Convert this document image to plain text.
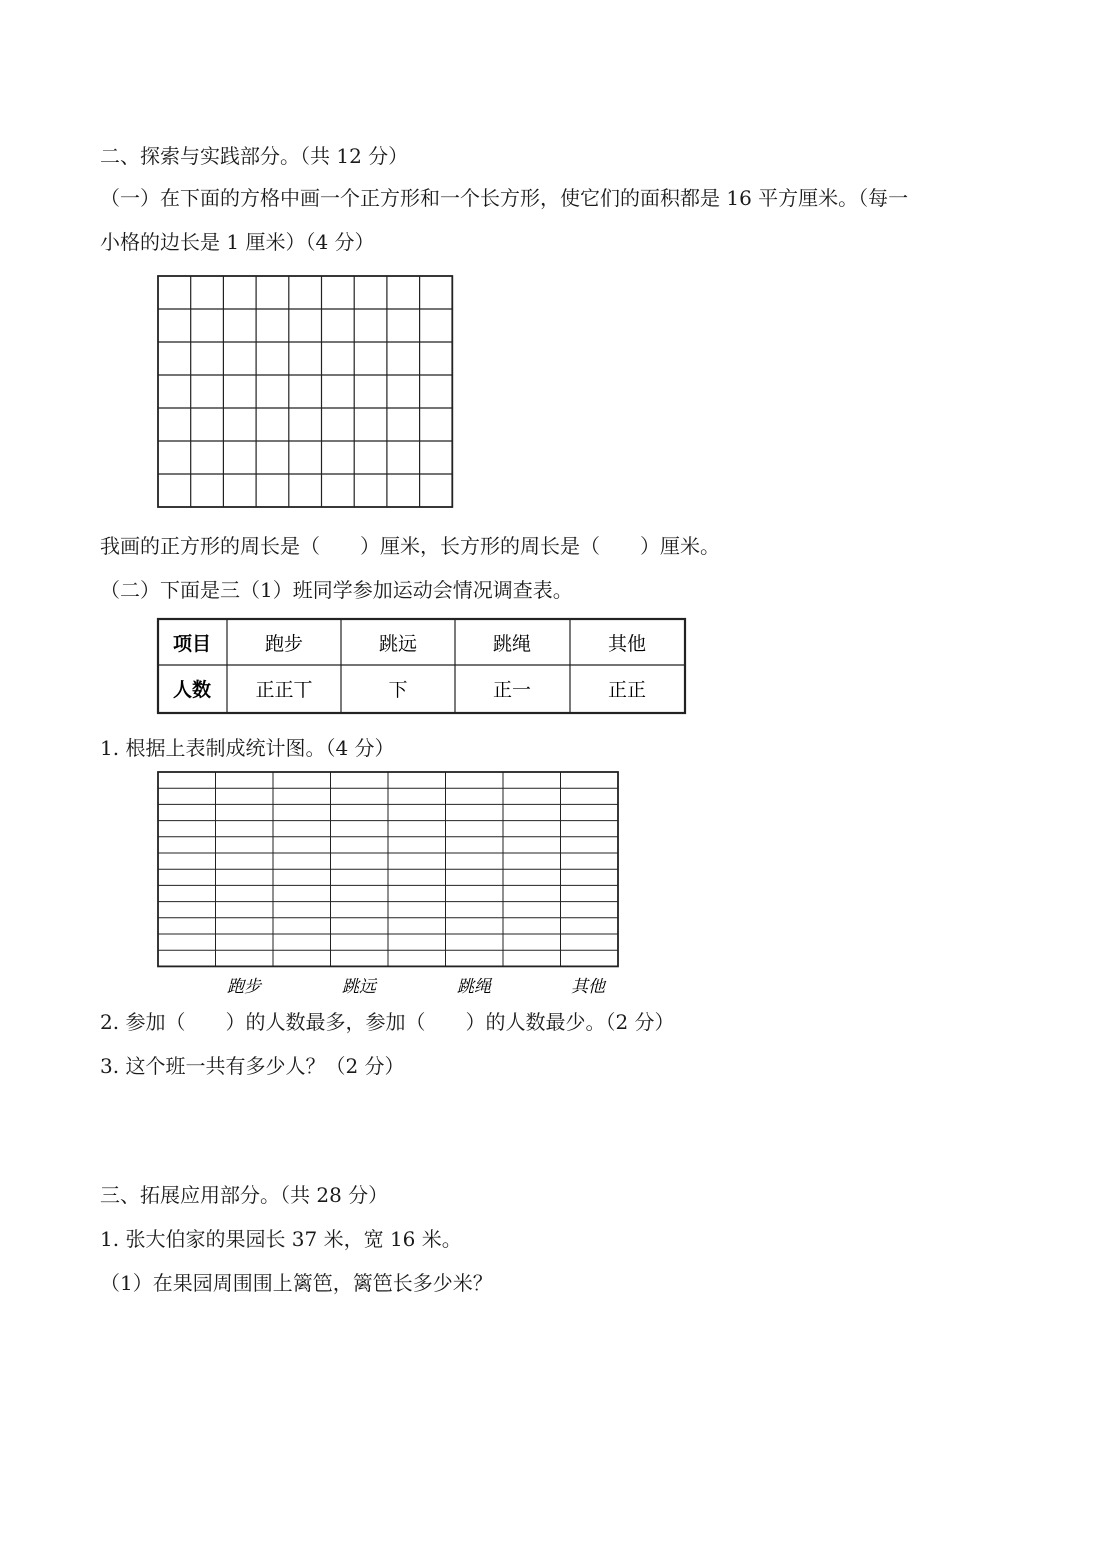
二、探索与实践部分。（共 12 分）
（一）在下面的方格中画一个正方形和一个长方形，使它们的面积都是 16 平方厘米。（每一
小格的边长是 1 厘米）（4 分）
我画的正方形的周长是（　　）厘米，长方形的周长是（　　）厘米。
（二）下面是三（1）班同学参加运动会情况调查表。
项目	跑步	跳远	跳绳	其他
人数 正正丅	下	正一	正正
1. 根据上表制成统计图。（4 分）
跑步	跳远	跳绳	其他
2. 参加（　　）的人数最多，参加（　　）的人数最少。（2 分）
3. 这个班一共有多少人？（2 分）
三、拓展应用部分。（共 28 分）
1. 张大伯家的果园长 37 米，宽 16 米。
（1）在果园周围围上篱笆，篱笆长多少米？
